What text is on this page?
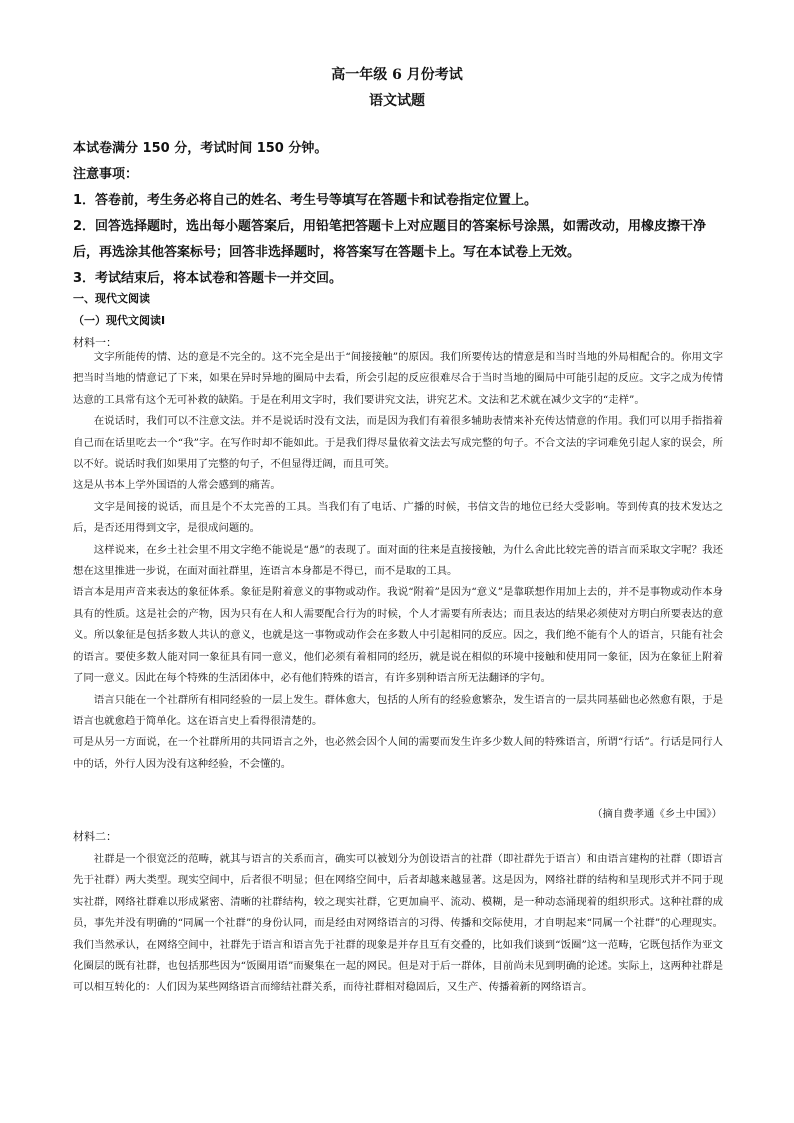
高一年级 6 月份考试
语文试题

本试卷满分 150 分，考试时间 150 分钟。

注意事项：

1．答卷前，考生务必将自己的姓名、考生号等填写在答题卡和试卷指定位置上。

2．回答选择题时，选出每小题答案后，用铅笔把答题卡上对应题目的答案标号涂黑，如需改动，用橡皮擦干净后，再选涂其他答案标号；回答非选择题时，将答案写在答题卡上。写在本试卷上无效。

3．考试结束后，将本试卷和答题卡一并交回。

一、现代文阅读
（一）现代文阅读Ⅰ
材料一：

文字所能传的情、达的意是不完全的。这不完全是出于“间接接触”的原因。我们所要传达的情意是和当时当地的外局相配合的。你用文字把当时当地的情意记了下来，如果在异时异地的圈局中去看，所会引起的反应很难尽合于当时当地的圈局中可能引起的反应。文字之成为传情达意的工具常有这个无可补救的缺陷。于是在利用文字时，我们要讲究文法，讲究艺术。文法和艺术就在减少文字的“走样”。

在说话时，我们可以不注意文法。并不是说话时没有文法，而是因为我们有着很多辅助表情来补充传达情意的作用。我们可以用手指指着自己而在话里吃去一个“我”字。在写作时却不能如此。于是我们得尽量依着文法去写成完整的句子。不合文法的字词难免引起人家的误会，所以不好。说话时我们如果用了完整的句子，不但显得迂阔，而且可笑。

这是从书本上学外国语的人常会感到的痛苦。

文字是间接的说话，而且是个不太完善的工具。当我们有了电话、广播的时候，书信文告的地位已经大受影响。等到传真的技术发达之后，是否还用得到文字，是很成问题的。

这样说来，在乡土社会里不用文字绝不能说是“愚”的表现了。面对面的往来是直接接触，为什么舍此比较完善的语言而采取文字呢？我还想在这里推进一步说，在面对面社群里，连语言本身都是不得已，而不是取的工具。

语言本是用声音来表达的象征体系。象征是附着意义的事物或动作。我说“附着”是因为“意义”是靠联想作用加上去的，并不是事物或动作本身具有的性质。这是社会的产物，因为只有在人和人需要配合行为的时候，个人才需要有所表达；而且表达的结果必须使对方明白所要表达的意义。所以象征是包括多数人共认的意义，也就是这一事物或动作会在多数人中引起相同的反应。因之，我们绝不能有个人的语言，只能有社会的语言。要使多数人能对同一象征具有同一意义，他们必须有着相同的经历，就是说在相似的环境中接触和使用同一象征，因为在象征上附着了同一意义。因此在每个特殊的生活团体中，必有他们特殊的语言，有许多别种语言所无法翻译的字句。

语言只能在一个社群所有相同经验的一层上发生。群体愈大，包括的人所有的经验愈繁杂，发生语言的一层共同基础也必然愈有限，于是语言也就愈趋于简单化。这在语言史上看得很清楚的。

可是从另一方面说，在一个社群所用的共同语言之外，也必然会因个人间的需要而发生许多少数人间的特殊语言，所谓“行话”。行话是同行人中的话，外行人因为没有这种经验，不会懂的。

（摘自费孝通《乡土中国》）
材料二：

社群是一个很宽泛的范畴，就其与语言的关系而言，确实可以被划分为创设语言的社群（即社群先于语言）和由语言建构的社群（即语言先于社群）两大类型。现实空间中，后者很不明显；但在网络空间中，后者却越来越显著。这是因为，网络社群的结构和呈现形式并不同于现实社群，网络社群难以形成紧密、清晰的社群结构，较之现实社群，它更加扁平、流动、模糊，是一种动态涌现着的组织形式。这种社群的成员，事先并没有明确的“同属一个社群”的身份认同，而是经由对网络语言的习得、传播和交际使用，才自明起来“同属一个社群”的心理现实。我们当然承认，在网络空间中，社群先于语言和语言先于社群的现象是并存且互有交叠的，比如我们谈到“饭圈”这一范畴，它既包括作为亚文化圈层的既有社群，也包括那些因为“饭圈用语”而聚集在一起的网民。但是对于后一群体，目前尚未见到明确的论述。实际上，这两种社群是可以相互转化的：人们因为某些网络语言而缔结社群关系，而待社群相对稳固后，又生产、传播着新的网络语言。
